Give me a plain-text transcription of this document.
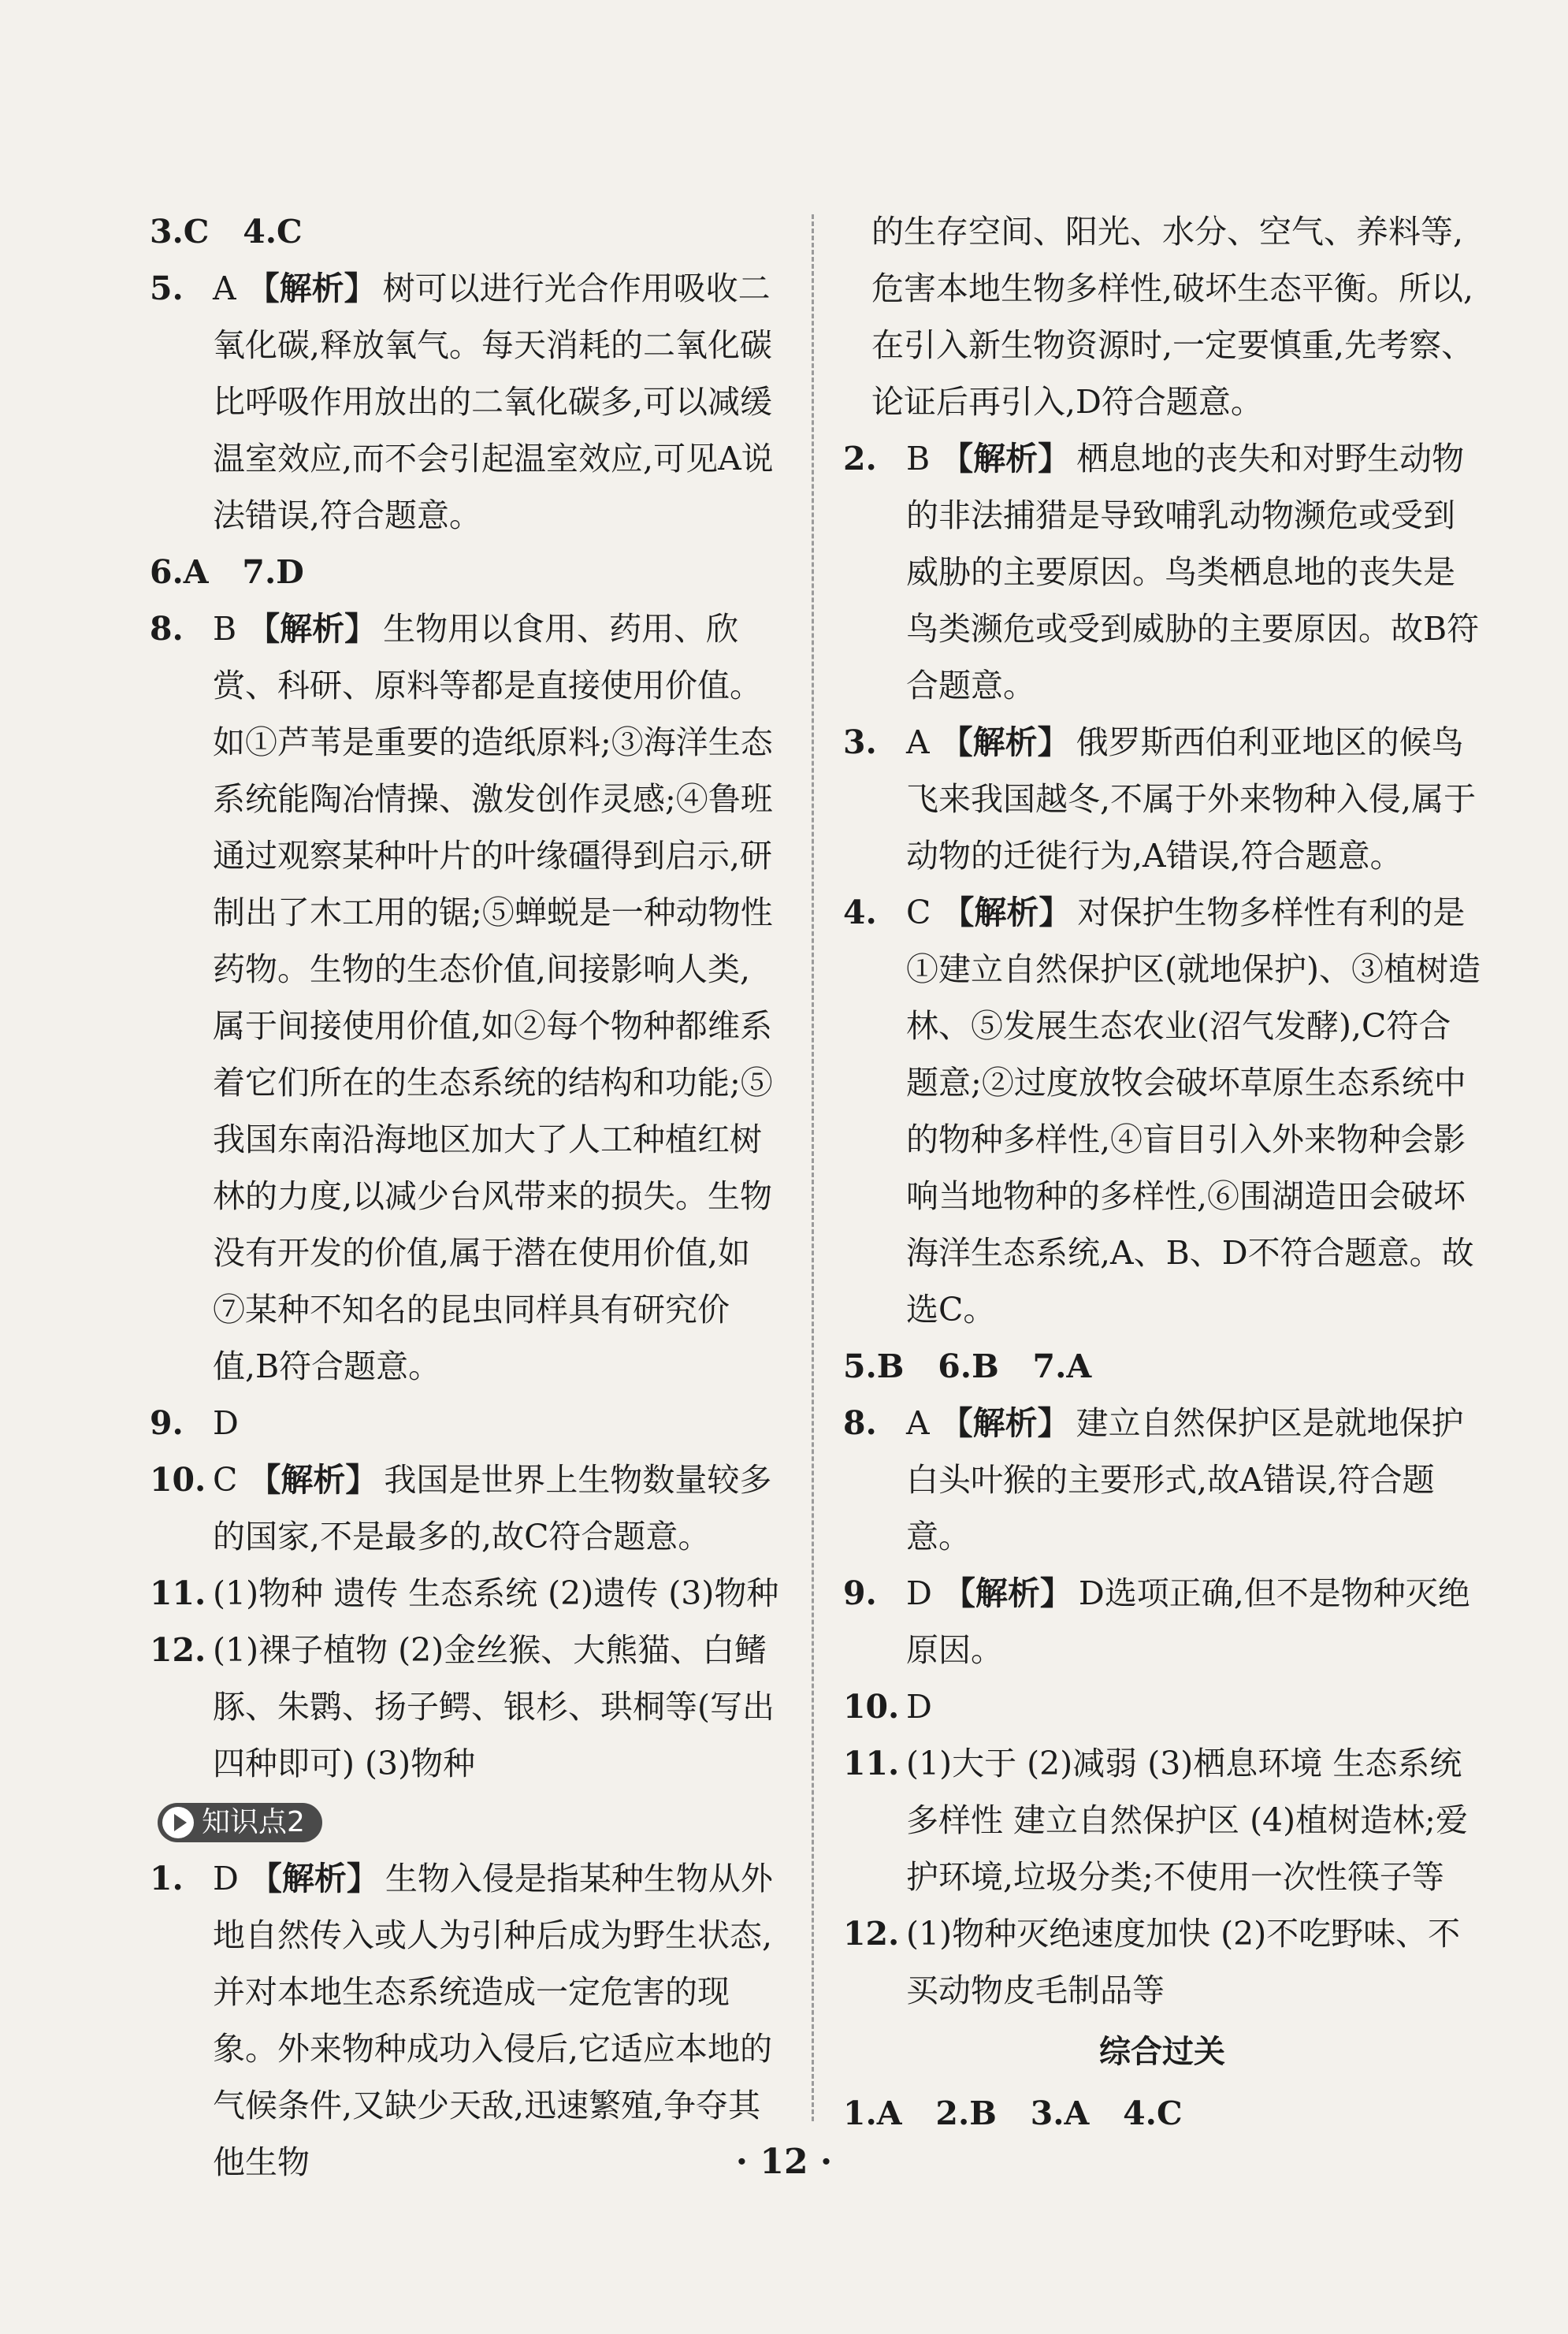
3.C   4.C
5. A 【解析】 树可以进行光合作用吸收二氧化碳,释放氧气。每天消耗的二氧化碳比呼吸作用放出的二氧化碳多,可以减缓温室效应,而不会引起温室效应,可见A说法错误,符合题意。
6.A   7.D
8. B 【解析】 生物用以食用、药用、欣赏、科研、原料等都是直接使用价值。如①芦苇是重要的造纸原料;③海洋生态系统能陶冶情操、激发创作灵感;④鲁班通过观察某种叶片的叶缘礓得到启示,研制出了木工用的锯;⑤蝉蜕是一种动物性药物。生物的生态价值,间接影响人类,属于间接使用价值,如②每个物种都维系着它们所在的生态系统的结构和功能;⑤我国东南沿海地区加大了人工种植红树林的力度,以减少台风带来的损失。生物没有开发的价值,属于潜在使用价值,如⑦某种不知名的昆虫同样具有研究价值,B符合题意。
9. D
10. C 【解析】 我国是世界上生物数量较多的国家,不是最多的,故C符合题意。
11. (1)物种 遗传 生态系统 (2)遗传 (3)物种
12. (1)裸子植物 (2)金丝猴、大熊猫、白鳍豚、朱鹮、扬子鳄、银杉、珙桐等(写出四种即可) (3)物种
知识点2
1. D 【解析】 生物入侵是指某种生物从外地自然传入或人为引种后成为野生状态,并对本地生态系统造成一定危害的现象。外来物种成功入侵后,它适应本地的气候条件,又缺少天敌,迅速繁殖,争夺其他生物
的生存空间、阳光、水分、空气、养料等,危害本地生物多样性,破坏生态平衡。所以,在引入新生物资源时,一定要慎重,先考察、论证后再引入,D符合题意。
2. B 【解析】 栖息地的丧失和对野生动物的非法捕猎是导致哺乳动物濒危或受到威胁的主要原因。鸟类栖息地的丧失是鸟类濒危或受到威胁的主要原因。故B符合题意。
3. A 【解析】 俄罗斯西伯利亚地区的候鸟飞来我国越冬,不属于外来物种入侵,属于动物的迁徙行为,A错误,符合题意。
4. C 【解析】 对保护生物多样性有利的是①建立自然保护区(就地保护)、③植树造林、⑤发展生态农业(沼气发酵),C符合题意;②过度放牧会破坏草原生态系统中的物种多样性,④盲目引入外来物种会影响当地物种的多样性,⑥围湖造田会破坏海洋生态系统,A、B、D不符合题意。故选C。
5.B   6.B   7.A
8. A 【解析】 建立自然保护区是就地保护白头叶猴的主要形式,故A错误,符合题意。
9. D 【解析】 D选项正确,但不是物种灭绝原因。
10. D
11. (1)大于 (2)减弱 (3)栖息环境 生态系统多样性 建立自然保护区 (4)植树造林;爱护环境,垃圾分类;不使用一次性筷子等
12. (1)物种灭绝速度加快 (2)不吃野味、不买动物皮毛制品等
综合过关
1.A   2.B   3.A   4.C
· 12 ·
